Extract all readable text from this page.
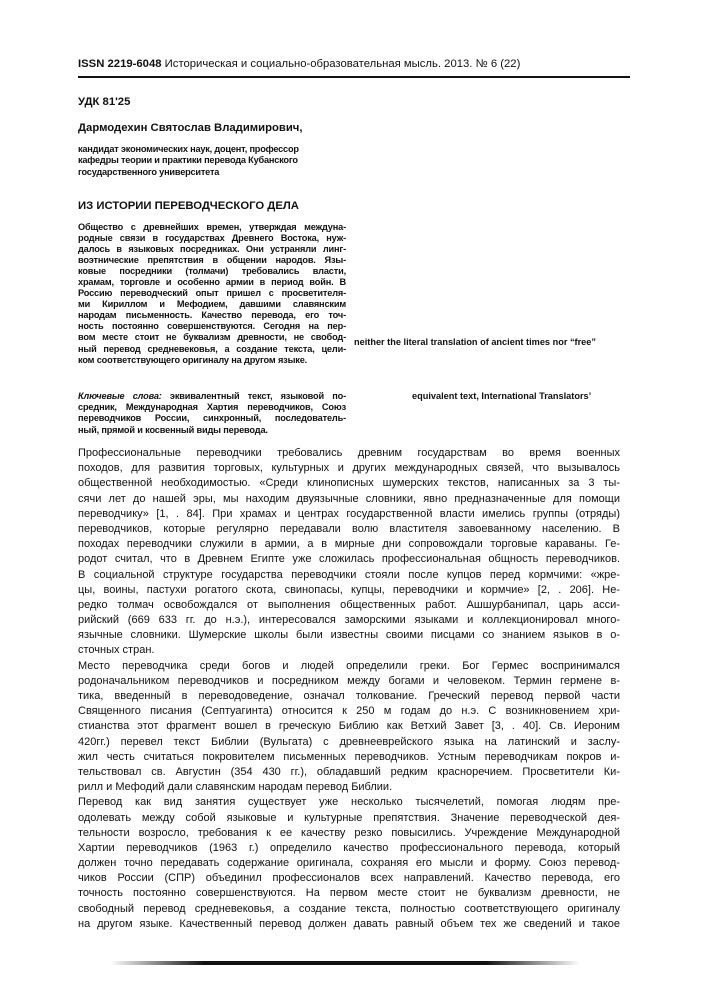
ISSN 2219-6048 Историческая и социально-образовательная мысль. 2013. № 6 (22)
УДК 81'25
Дармодехин Святослав Владимирович,
кандидат экономических наук, доцент, профессор
кафедры теории и практики перевода Кубанского
государственного университета
ИЗ ИСТОРИИ ПЕРЕВОДЧЕСКОГО ДЕЛА
Общество с древнейших времен, утверждая междуна-
родные связи в государствах Древнего Востока, нуж-
далось в языковых посредниках. Они устраняли линг-
воэтнические препятствия в общении народов. Язы-
ковые посредники (толмачи) требовались власти,
храмам, торговле и особенно армии в период войн. В
Россию переводческий опыт пришел с просветителя-
ми Кириллом и Мефодием, давшими славянским
народам письменность. Качество перевода, его точ-
ность постоянно совершенствуются. Сегодня на пер-
вом месте стоит не буквализм древности, не свобод-
ный перевод средневековья, а создание текста, цели-
ком соответствующего оригиналу на другом языке.
neither the literal translation of ancient times nor “free”
Ключевые слова: эквивалентный текст, языковой по-
средник, Международная Хартия переводчиков, Союз
переводчиков России, синхронный, последователь-
ный, прямой и косвенный виды перевода.
equivalent text, International Translators’
Профессиональные переводчики требовались древним государствам во время военных
походов, для развития торговых, культурных и других международных связей, что вызывалось
общественной необходимостью. «Среди клинописных шумерских текстов, написанных за 3 ты-
сячи лет до нашей эры, мы находим двуязычные словники, явно предназначенные для помощи
переводчику» [1, . 84]. При храмах и центрах государственной власти имелись группы (отряды)
переводчиков, которые регулярно передавали волю властителя завоеванному населению. В
походах переводчики служили в армии, а в мирные дни сопровождали торговые караваны. Ге-
родот считал, что в Древнем Египте уже сложилась профессиональная общность переводчиков.
В социальной структуре государства переводчики стояли после купцов перед кормчими: «жре-
цы, воины, пастухи рогатого скота, свинопасы, купцы, переводчики и кормчие» [2, . 206]. Не-
редко толмач освобождался от выполнения общественных работ. Ашшурбанипал, царь асси-
рийский (669 633 гг. до н.э.), интересовался заморскими языками и коллекционировал много-
язычные словники. Шумерские школы были известны своими писцами со знанием языков в о-
сточных стран.
Место переводчика среди богов и людей определили греки. Бог Гермес воспринимался
родоначальником переводчиков и посредником между богами и человеком. Термин гермене в-
тика, введенный в переводоведение, означал толкование. Греческий перевод первой части
Священного писания (Септуагинта) относится к 250 м годам до н.э. С возникновением хри-
стианства этот фрагмент вошел в греческую Библию как Ветхий Завет [3, . 40]. Св. Иероним
420гг.) перевел текст Библии (Вульгата) с древнееврейского языка на латинский и заслу-
жил честь считаться покровителем письменных переводчиков. Устным переводчикам покров и-
тельствовал св. Августин (354 430 гг.), обладавший редким красноречием. Просветители Ки-
рилл и Мефодий дали славянским народам перевод Библии.
Перевод как вид занятия существует уже несколько тысячелетий, помогая людям пре-
одолевать между собой языковые и культурные препятствия. Значение переводческой дея-
тельности возросло, требования к ее качеству резко повысились. Учреждение Международной
Хартии переводчиков (1963 г.) определило качество профессионального перевода, который
должен точно передавать содержание оригинала, сохраняя его мысли и форму. Союз перевод-
чиков России (СПР) объединил профессионалов всех направлений. Качество перевода, его
точность постоянно совершенствуются. На первом месте стоит не буквализм древности, не
свободный перевод средневековья, а создание текста, полностью соответствующего оригиналу
на другом языке. Качественный перевод должен давать равный объем тех же сведений и такое
